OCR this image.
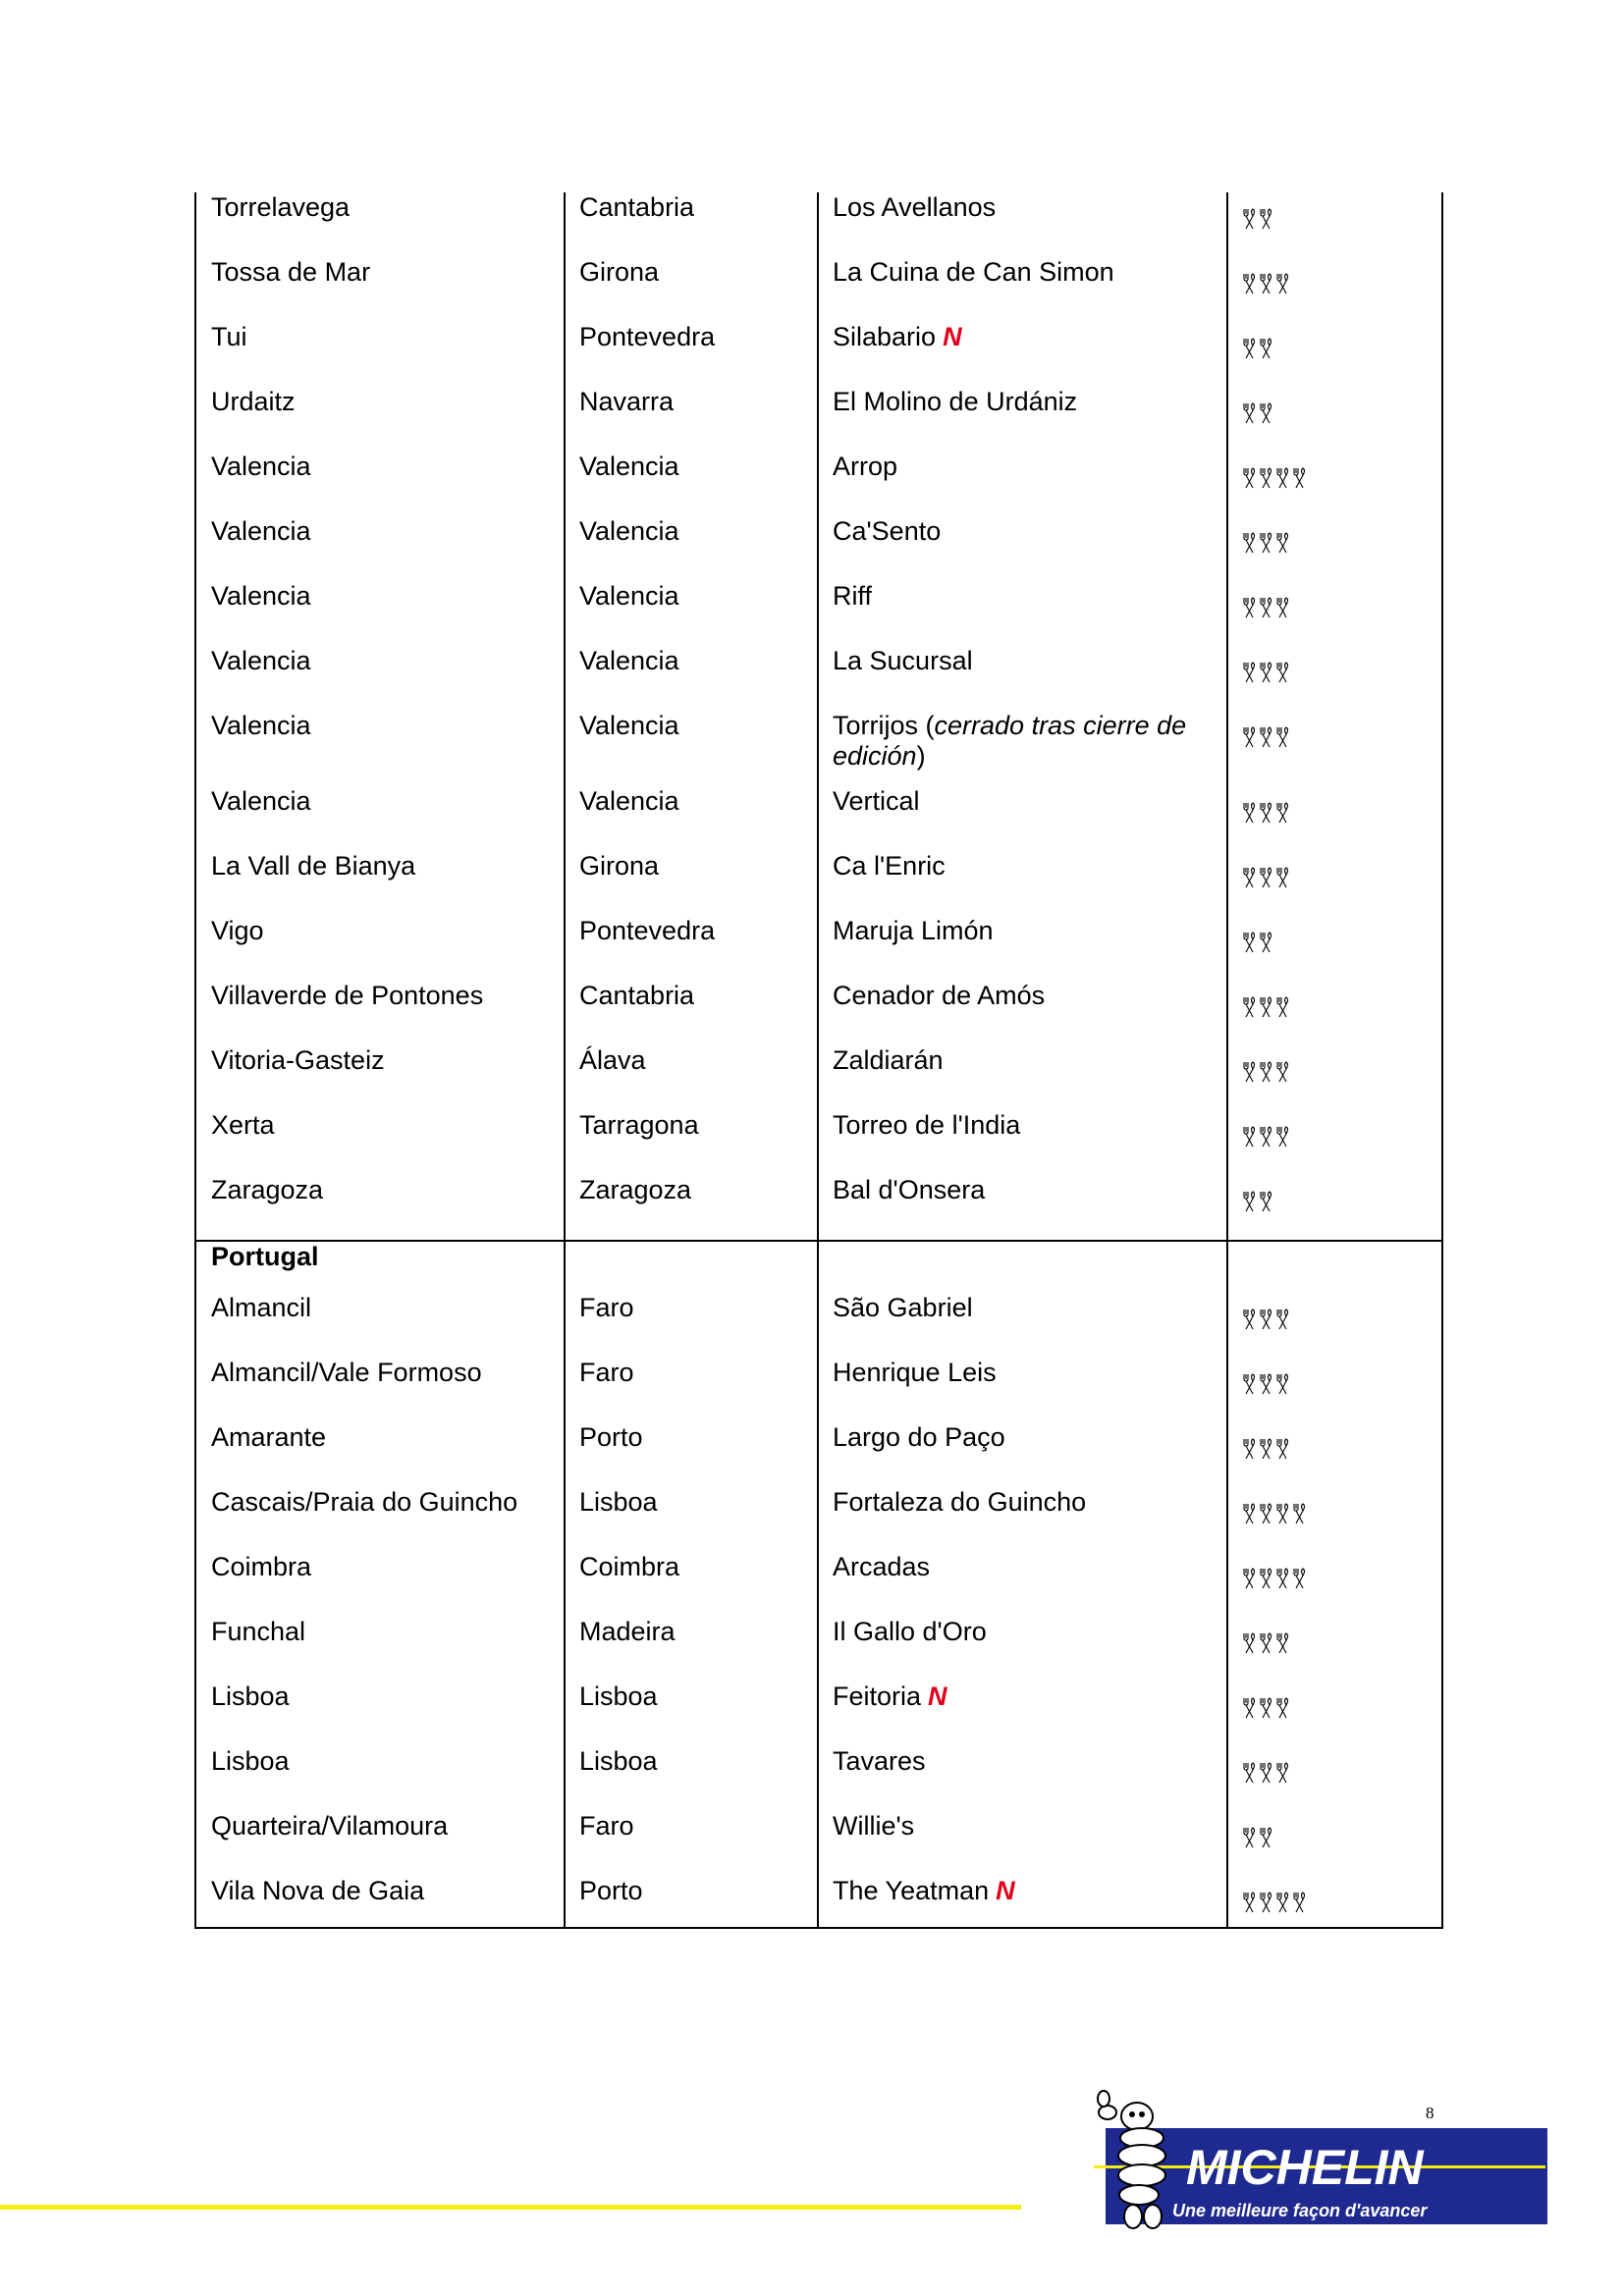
Torrelavega	Cantabria	Los Avellanos	

Tossa de Mar	Girona	La Cuina de Can Simon	

Tui	Pontevedra	Silabario N	

Urdaitz	Navarra	El Molino de Urdániz	

Valencia	Valencia	Arrop	

Valencia	Valencia	Ca'Sento	

Valencia	Valencia	Riff	

Valencia	Valencia	La Sucursal	

Valencia	Valencia	Torrijos (cerrado tras cierre de edición)	

Valencia	Valencia	Vertical	

La Vall de Bianya	Girona	Ca l'Enric	

Vigo	Pontevedra	Maruja Limón	

Villaverde de Pontones	Cantabria	Cenador de Amós	

Vitoria-Gasteiz	Álava	Zaldiarán	

Xerta	Tarragona	Torreo de l'India	

Zaragoza	Zaragoza	Bal d'Onsera	

Portugal			
Almancil	Faro	São Gabriel	

Almancil/Vale Formoso	Faro	Henrique Leis	

Amarante	Porto	Largo do Paço	

Cascais/Praia do Guincho	Lisboa	Fortaleza do Guincho	

Coimbra	Coimbra	Arcadas	

Funchal	Madeira	Il Gallo d'Oro	

Lisboa	Lisboa	Feitoria N	

Lisboa	Lisboa	Tavares	

Quarteira/Vilamoura	Faro	Willie's	

Vila Nova de Gaia	Porto	The Yeatman N	
8
MICHELIN
Une meilleure façon d'avancer
